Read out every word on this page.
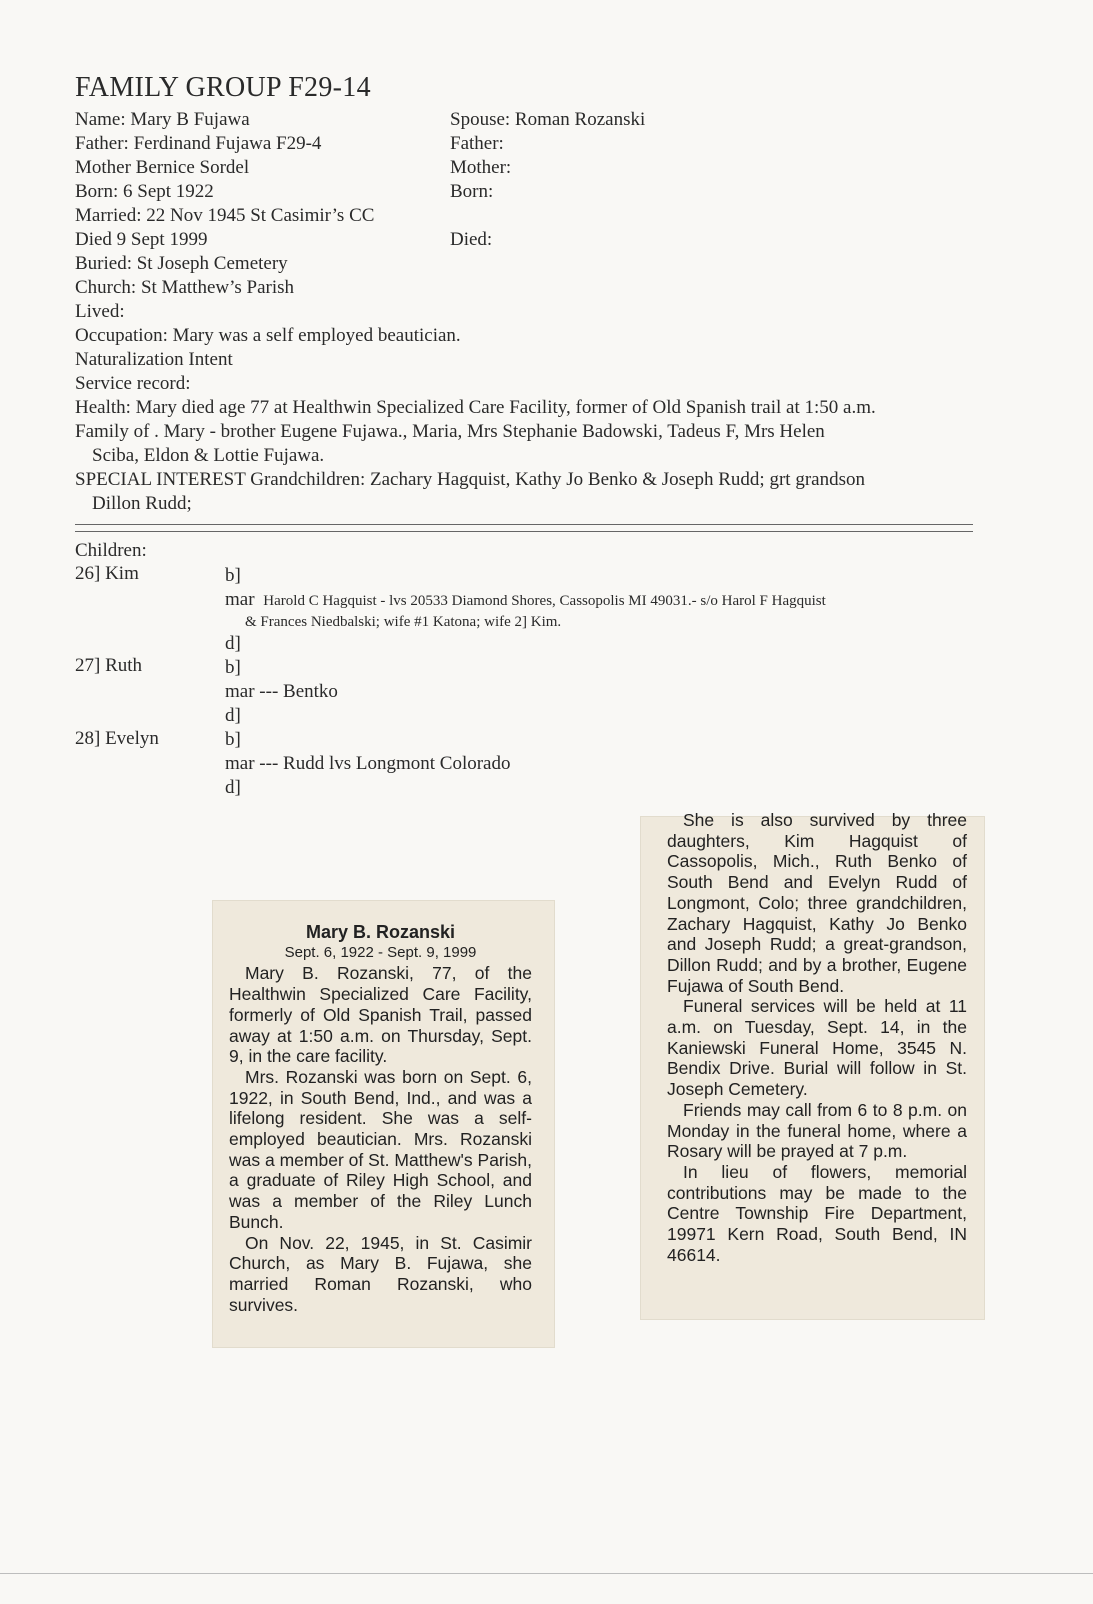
FAMILY GROUP F29-14
Name: Mary B Fujawa
Father: Ferdinand Fujawa F29-4
Mother Bernice Sordel
Born: 6 Sept 1922
Married: 22 Nov 1945 St Casimir’s CC
Died 9 Sept 1999
Buried: St Joseph Cemetery
Church: St Matthew’s Parish
Lived:
Occupation: Mary was a self employed beautician.
Naturalization Intent
Service record:
Health: Mary died age 77 at Healthwin Specialized Care Facility, former of Old Spanish trail at 1:50 a.m.
Family of . Mary - brother Eugene Fujawa., Maria, Mrs Stephanie Badowski, Tadeus F, Mrs Helen
Sciba, Eldon & Lottie Fujawa.
SPECIAL INTEREST Grandchildren: Zachary Hagquist, Kathy Jo Benko & Joseph Rudd; grt grandson
Dillon Rudd;
Spouse: Roman Rozanski
Father:
Mother:
Born:
Died:
Children:
26] Kim	b]
mar Harold C Hagquist - lvs 20533 Diamond Shores, Cassopolis MI 49031.- s/o Harol F Hagquist
& Frances Niedbalski; wife #1 Katona; wife 2] Kim.
d]
27] Ruth	b]
mar --- Bentko
d]
28] Evelyn	b]
mar --- Rudd lvs Longmont Colorado
d]
Mary B. Rozanski
Sept. 6, 1922 - Sept. 9, 1999

Mary B. Rozanski, 77, of the Healthwin Specialized Care Facility, formerly of Old Spanish Trail, passed away at 1:50 a.m. on Thursday, Sept. 9, in the care facility.

Mrs. Rozanski was born on Sept. 6, 1922, in South Bend, Ind., and was a lifelong resident. She was a self-employed beautician. Mrs. Rozanski was a member of St. Matthew's Parish, a graduate of Riley High School, and was a member of the Riley Lunch Bunch.

On Nov. 22, 1945, in St. Casimir Church, as Mary B. Fujawa, she married Roman Rozanski, who survives.

She is also survived by three daughters, Kim Hagquist of Cassopolis, Mich., Ruth Benko of South Bend and Evelyn Rudd of Longmont, Colo; three grandchildren, Zachary Hagquist, Kathy Jo Benko and Joseph Rudd; a great-grandson, Dillon Rudd; and by a brother, Eugene Fujawa of South Bend.

Funeral services will be held at 11 a.m. on Tuesday, Sept. 14, in the Kaniewski Funeral Home, 3545 N. Bendix Drive. Burial will follow in St. Joseph Cemetery.

Friends may call from 6 to 8 p.m. on Monday in the funeral home, where a Rosary will be prayed at 7 p.m.

In lieu of flowers, memorial contributions may be made to the Centre Township Fire Department, 19971 Kern Road, South Bend, IN 46614.
